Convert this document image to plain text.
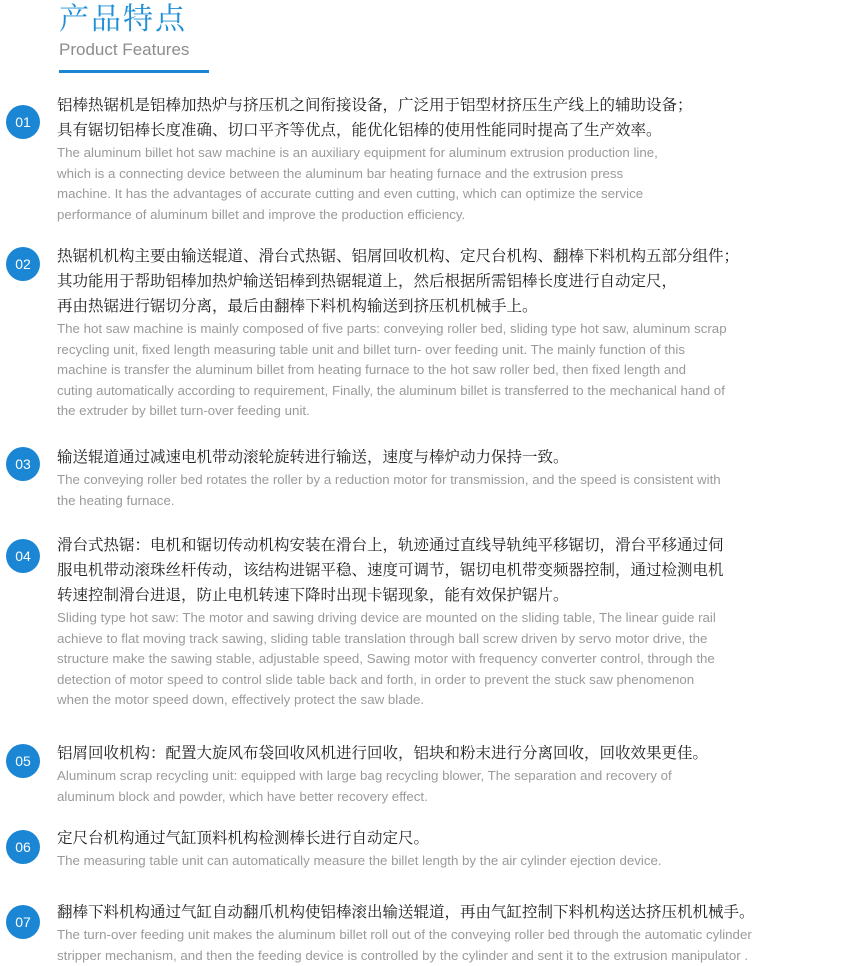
产品特点
Product Features
01
铝棒热锯机是铝棒加热炉与挤压机之间衔接设备，广泛用于铝型材挤压生产线上的辅助设备；
具有锯切铝棒长度准确、切口平齐等优点，能优化铝棒的使用性能同时提高了生产效率。
The aluminum billet hot saw machine is an auxiliary equipment for aluminum extrusion production line,
which is a connecting device between the aluminum bar heating furnace and the extrusion press
machine. It has the advantages of accurate cutting and even cutting, which can optimize the service
performance of aluminum billet and improve the production efficiency.
02	热锯机机构主要由输送辊道、滑台式热锯、铝屑回收机构、定尺台机构、翻棒下料机构五部分组件；
其功能用于帮助铝棒加热炉输送铝棒到热锯辊道上，然后根据所需铝棒长度进行自动定尺，
再由热锯进行锯切分离，最后由翻棒下料机构输送到挤压机机械手上。
The hot saw machine is mainly composed of five parts: conveying roller bed, sliding type hot saw, aluminum scrap
recycling unit, fixed length measuring table unit and billet turn- over feeding unit. The mainly function of this
machine is transfer the aluminum billet from heating furnace to the hot saw roller bed, then fixed length and
cuting automatically according to requirement, Finally, the aluminum billet is transferred to the mechanical hand of
the extruder by billet turn-over feeding unit.
03	输送辊道通过减速电机带动滚轮旋转进行输送，速度与棒炉动力保持一致。
The conveying roller bed rotates the roller by a reduction motor for transmission, and the speed is consistent with
the heating furnace.
04
滑台式热锯：电机和锯切传动机构安装在滑台上，轨迹通过直线导轨纯平移锯切，滑台平移通过伺
服电机带动滚珠丝杆传动，该结构进锯平稳、速度可调节，锯切电机带变频器控制，通过检测电机
转速控制滑台进退，防止电机转速下降时出现卡锯现象，能有效保护锯片。
Sliding type hot saw: The motor and sawing driving device are mounted on the sliding table, The linear guide rail
achieve to flat moving track sawing, sliding table translation through ball screw driven by servo motor drive, the
structure make the sawing stable, adjustable speed, Sawing motor with frequency converter control, through the
detection of motor speed to control slide table back and forth, in order to prevent the stuck saw phenomenon
when the motor speed down, effectively protect the saw blade.
05	铝屑回收机构：配置大旋风布袋回收风机进行回收，铝块和粉末进行分离回收，回收效果更佳。
Aluminum scrap recycling unit: equipped with large bag recycling blower, The separation and recovery of
aluminum block and powder, which have better recovery effect.
06	定尺台机构通过气缸顶料机构检测棒长进行自动定尺。
The measuring table unit can automatically measure the billet length by the air cylinder ejection device.
07
翻棒下料机构通过气缸自动翻爪机构使铝棒滚出输送辊道，再由气缸控制下料机构送达挤压机机械手。
The turn-over feeding unit makes the aluminum billet roll out of the conveying roller bed through the automatic cylinder
stripper mechanism, and then the feeding device is controlled by the cylinder and sent it to the extrusion manipulator .
